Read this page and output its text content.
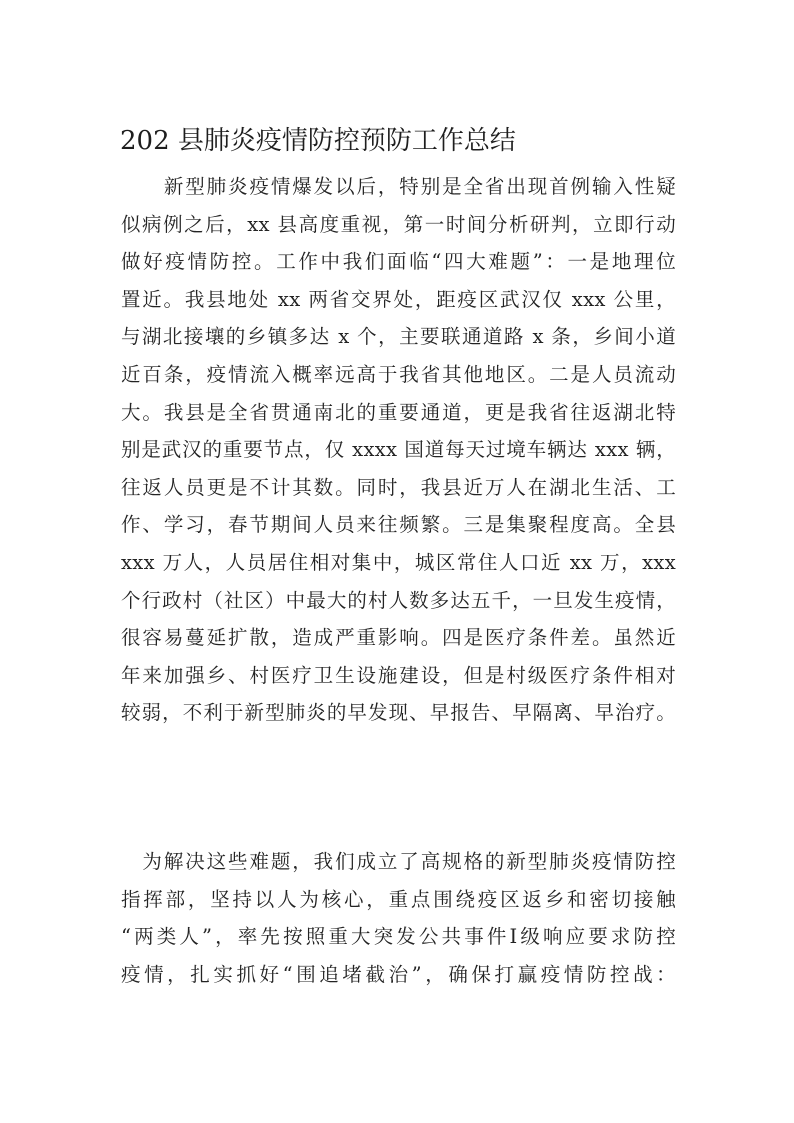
202 县肺炎疫情防控预防工作总结
　　新型肺炎疫情爆发以后，特别是全省出现首例输入性疑
似病例之后，xx 县高度重视，第一时间分析研判，立即行动
做好疫情防控。工作中我们面临“四大难题”：一是地理位
置近。我县地处 xx 两省交界处，距疫区武汉仅 xxx 公里，
与湖北接壤的乡镇多达 x 个，主要联通道路 x 条，乡间小道
近百条，疫情流入概率远高于我省其他地区。二是人员流动
大。我县是全省贯通南北的重要通道，更是我省往返湖北特
别是武汉的重要节点，仅 xxxx 国道每天过境车辆达 xxx 辆，
往返人员更是不计其数。同时，我县近万人在湖北生活、工
作、学习，春节期间人员来往频繁。三是集聚程度高。全县
xxx 万人，人员居住相对集中，城区常住人口近 xx 万，xxx
个行政村（社区）中最大的村人数多达五千，一旦发生疫情，
很容易蔓延扩散，造成严重影响。四是医疗条件差。虽然近
年来加强乡、村医疗卫生设施建设，但是村级医疗条件相对
较弱，不利于新型肺炎的早发现、早报告、早隔离、早治疗。
　为解决这些难题，我们成立了高规格的新型肺炎疫情防控
指挥部，坚持以人为核心，重点围绕疫区返乡和密切接触
“两类人”，率先按照重大突发公共事件Ⅰ级响应要求防控
疫情，扎实抓好“围追堵截治”，确保打赢疫情防控战：
